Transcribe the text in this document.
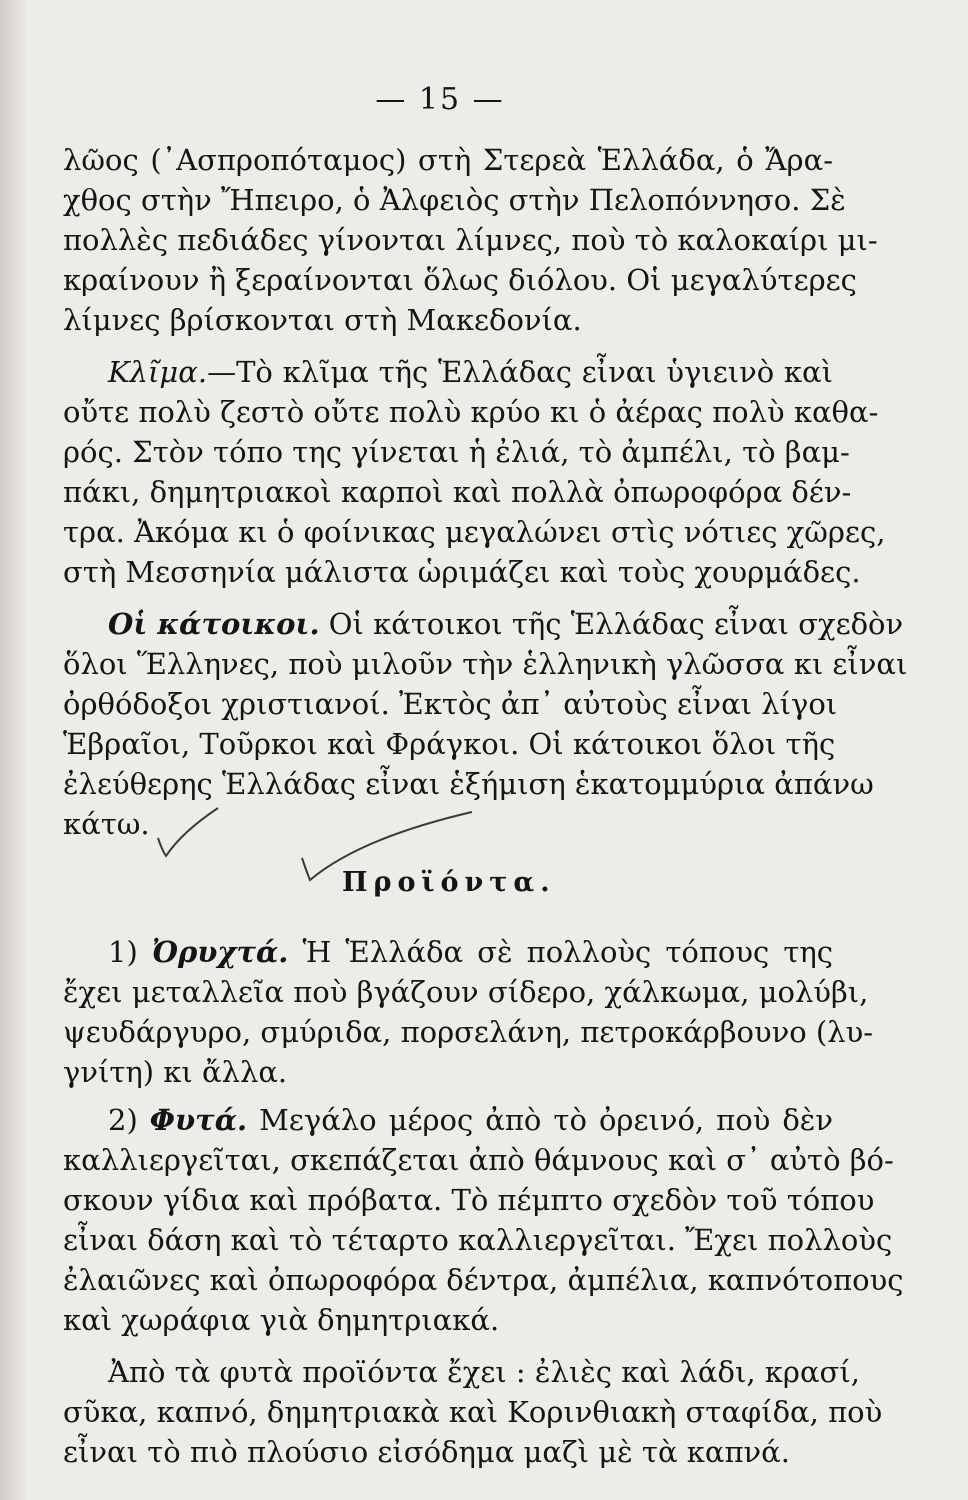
— 15 —

λῶος (᾿Ασπροπόταμος) στὴ Στερεὰ Ἑλλάδα, ὁ Ἄρα-

χθος στὴν Ἤπειρο, ὁ Ἀλφειὸς στὴν Πελοπόννησο. Σὲ

πολλὲς πεδιάδες γίνονται λίμνες, ποὺ τὸ καλοκαίρι μι-

κραίνουν ἢ ξεραίνονται ὅλως διόλου. Οἱ μεγαλύτερες

λίμνες βρίσκονται στὴ Μακεδονία.

Κλῖμα.—Τὸ κλῖμα τῆς Ἑλλάδας εἶναι ὑγιεινὸ καὶ

οὔτε πολὺ ζεστὸ οὔτε πολὺ κρύο κι ὁ ἀέρας πολὺ καθα-

ρός. Στὸν τόπο της γίνεται ἡ ἐλιά, τὸ ἀμπέλι, τὸ βαμ-

πάκι, δημητριακοὶ καρποὶ καὶ πολλὰ ὀπωροφόρα δέν-

τρα. Ἀκόμα κι ὁ φοίνικας μεγαλώνει στὶς νότιες χῶρες,

στὴ Μεσσηνία μάλιστα ὡριμάζει καὶ τοὺς χουρμάδες.

Οἱ κάτοικοι. Οἱ κάτοικοι τῆς Ἑλλάδας εἶναι σχεδὸν

ὅλοι Ἕλληνες, ποὺ μιλοῦν τὴν ἑλληνικὴ γλῶσσα κι εἶναι

ὀρθόδοξοι χριστιανοί. Ἐκτὸς ἀπ᾿ αὐτοὺς εἶναι λίγοι

Ἑβραῖοι, Τοῦρκοι καὶ Φράγκοι. Οἱ κάτοικοι ὅλοι τῆς

ἐλεύθερης Ἑλλάδας εἶναι ἑξήμιση ἑκατομμύρια ἀπάνω

κάτω.

Προϊόντα.

1) Ὀρυχτά. Ἡ Ἑλλάδα σὲ πολλοὺς τόπους της

ἔχει μεταλλεῖα ποὺ βγάζουν σίδερο, χάλκωμα, μολύβι,

ψευδάργυρο, σμύριδα, πορσελάνη, πετροκάρβουνο (λυ-

γνίτη) κι ἄλλα.

2) Φυτά. Μεγάλο μέρος ἀπὸ τὸ ὀρεινό, ποὺ δὲν

καλλιεργεῖται, σκεπάζεται ἀπὸ θάμνους καὶ σ᾿ αὐτὸ βό-

σκουν γίδια καὶ πρόβατα. Τὸ πέμπτο σχεδὸν τοῦ τόπου

εἶναι δάση καὶ τὸ τέταρτο καλλιεργεῖται. Ἔχει πολλοὺς

ἐλαιῶνες καὶ ὀπωροφόρα δέντρα, ἀμπέλια, καπνότοπους

καὶ χωράφια γιὰ δημητριακά.

Ἀπὸ τὰ φυτὰ προϊόντα ἔχει : ἐλιὲς καὶ λάδι, κρασί,

σῦκα, καπνό, δημητριακὰ καὶ Κορινθιακὴ σταφίδα, ποὺ

εἶναι τὸ πιὸ πλούσιο εἰσόδημα μαζὶ μὲ τὰ καπνά.
